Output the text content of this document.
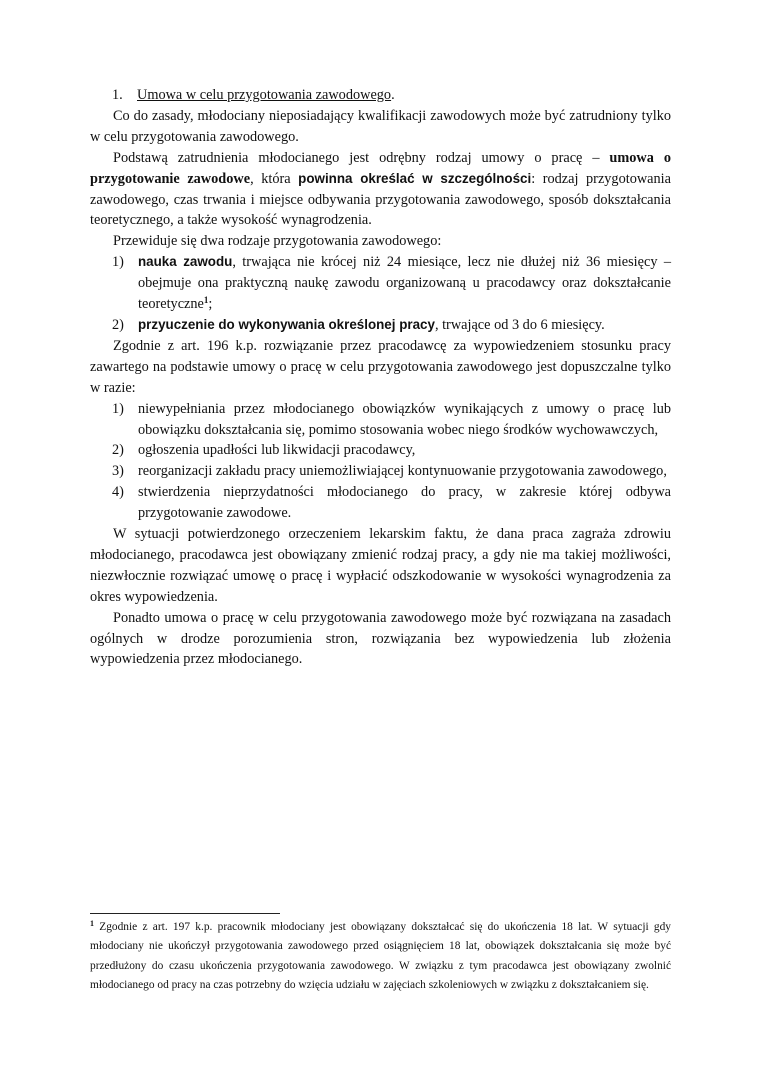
1. Umowa w celu przygotowania zawodowego.

Co do zasady, młodociany nieposiadający kwalifikacji zawodowych może być zatrudniony tylko w celu przygotowania zawodowego.

Podstawą zatrudnienia młodocianego jest odrębny rodzaj umowy o pracę – umowa o przygotowanie zawodowe, która powinna określać w szczególności: rodzaj przygotowania zawodowego, czas trwania i miejsce odbywania przygotowania zawodowego, sposób dokształcania teoretycznego, a także wysokość wynagrodzenia.

Przewiduje się dwa rodzaje przygotowania zawodowego:

1) nauka zawodu, trwająca nie krócej niż 24 miesiące, lecz nie dłużej niż 36 miesięcy – obejmuje ona praktyczną naukę zawodu organizowaną u pracodawcy oraz dokształcanie teoretyczne$^1$;
2) przyuczenie do wykonywania określonej pracy, trwające od 3 do 6 miesięcy.

Zgodnie z art. 196 k.p. rozwiązanie przez pracodawcę za wypowiedzeniem stosunku pracy zawartego na podstawie umowy o pracę w celu przygotowania zawodowego jest dopuszczalne tylko w razie:

1) niewypełniania przez młodocianego obowiązków wynikających z umowy o pracę lub obowiązku dokształcania się, pomimo stosowania wobec niego środków wychowawczych,
2) ogłoszenia upadłości lub likwidacji pracodawcy,
3) reorganizacji zakładu pracy uniemożliwiającej kontynuowanie przygotowania zawodowego,
4) stwierdzenia nieprzydatności młodocianego do pracy, w zakresie której odbywa przygotowanie zawodowe.

W sytuacji potwierdzonego orzeczeniem lekarskim faktu, że dana praca zagraża zdrowiu młodocianego, pracodawca jest obowiązany zmienić rodzaj pracy, a gdy nie ma takiej możliwości, niezwłocznie rozwiązać umowę o pracę i wypłacić odszkodowanie w wysokości wynagrodzenia za okres wypowiedzenia.

Ponadto umowa o pracę w celu przygotowania zawodowego może być rozwiązana na zasadach ogólnych w drodze porozumienia stron, rozwiązania bez wypowiedzenia lub złożenia wypowiedzenia przez młodocianego.

$^1$ Zgodnie z art. 197 k.p. pracownik młodociany jest obowiązany dokształcać się do ukończenia 18 lat. W sytuacji gdy młodociany nie ukończył przygotowania zawodowego przed osiągnięciem 18 lat, obowiązek dokształcania się może być przedłużony do czasu ukończenia przygotowania zawodowego. W związku z tym pracodawca jest obowiązany zwolnić młodocianego od pracy na czas potrzebny do wzięcia udziału w zajęciach szkoleniowych w związku z dokształcaniem się.
